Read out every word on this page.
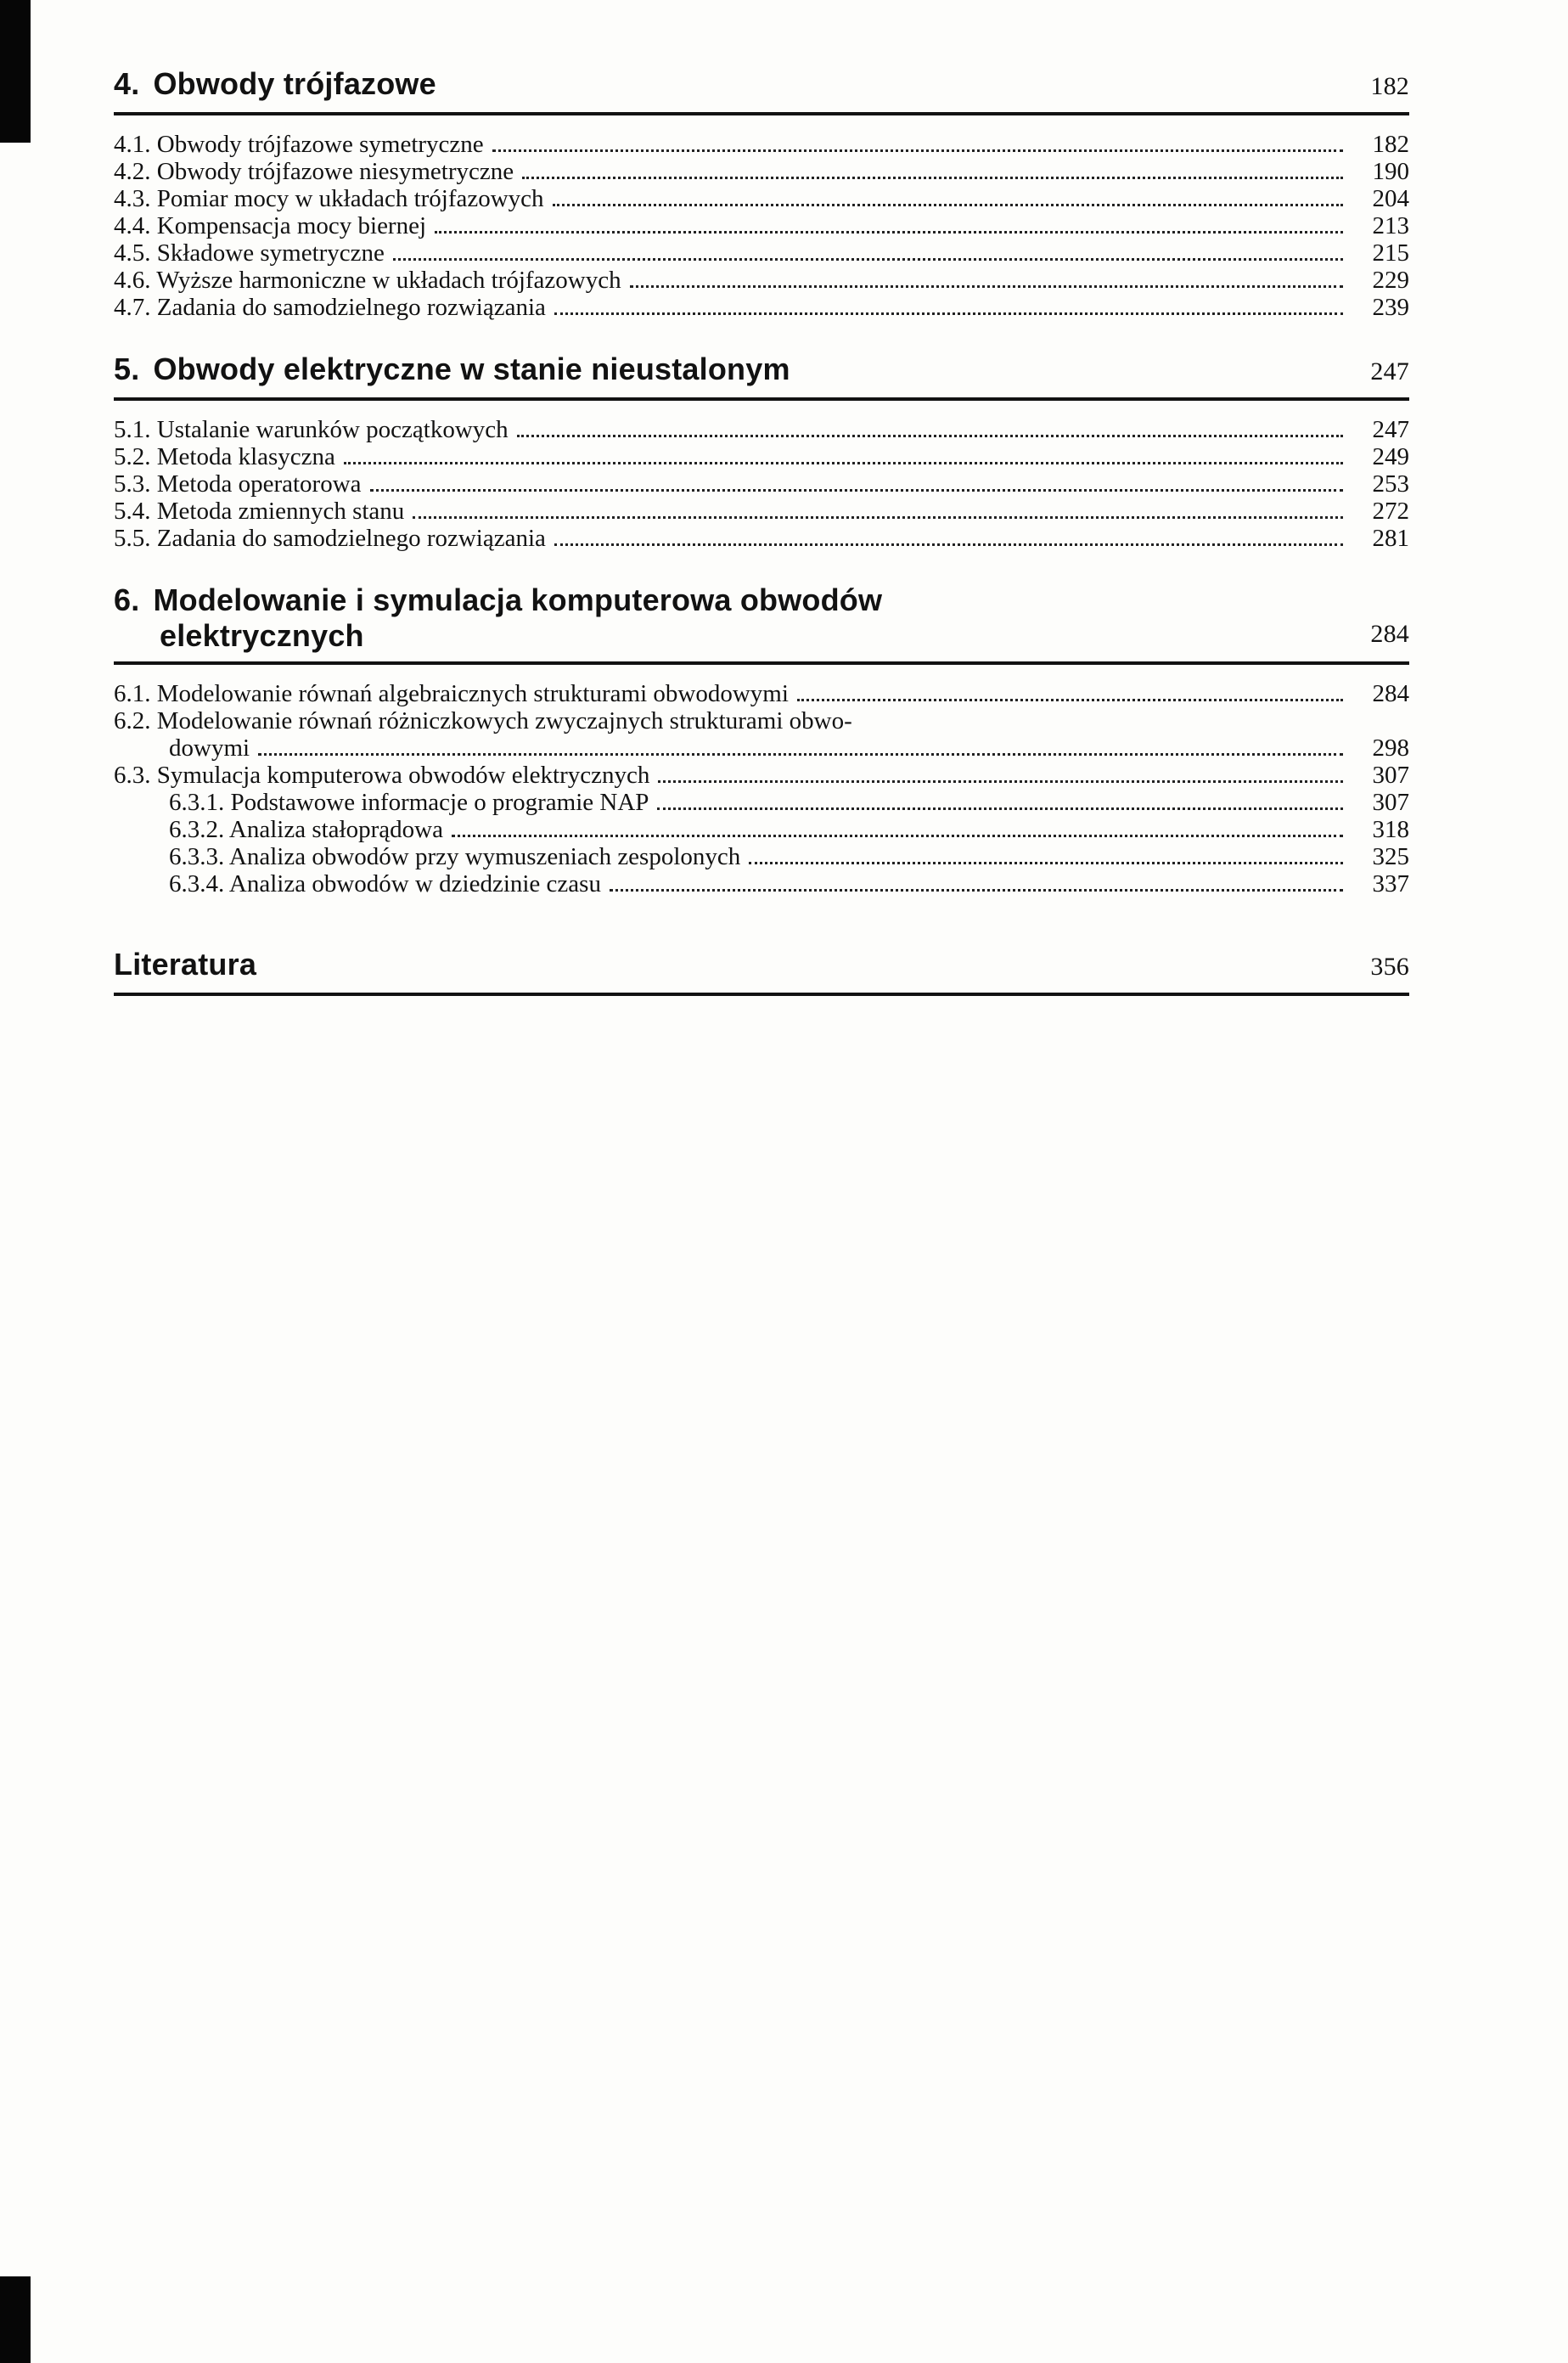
4. Obwody trójfazowe	182
4.1. Obwody trójfazowe symetryczne	182
4.2. Obwody trójfazowe niesymetryczne	190
4.3. Pomiar mocy w układach trójfazowych	204
4.4. Kompensacja mocy biernej	213
4.5. Składowe symetryczne	215
4.6. Wyższe harmoniczne w układach trójfazowych	229
4.7. Zadania do samodzielnego rozwiązania	239
5. Obwody elektryczne w stanie nieustalonym	247
5.1. Ustalanie warunków początkowych	247
5.2. Metoda klasyczna	249
5.3. Metoda operatorowa	253
5.4. Metoda zmiennych stanu	272
5.5. Zadania do samodzielnego rozwiązania	281
6. Modelowanie i symulacja komputerowa obwodów
elektrycznych	284
6.1. Modelowanie równań algebraicznych strukturami obwodowymi	284
6.2. Modelowanie równań różniczkowych zwyczajnych strukturami obwo-
dowymi	298
6.3. Symulacja komputerowa obwodów elektrycznych	307
6.3.1. Podstawowe informacje o programie NAP	307
6.3.2. Analiza stałoprądowa	318
6.3.3. Analiza obwodów przy wymuszeniach zespolonych	325
6.3.4. Analiza obwodów w dziedzinie czasu	337
Literatura	356
